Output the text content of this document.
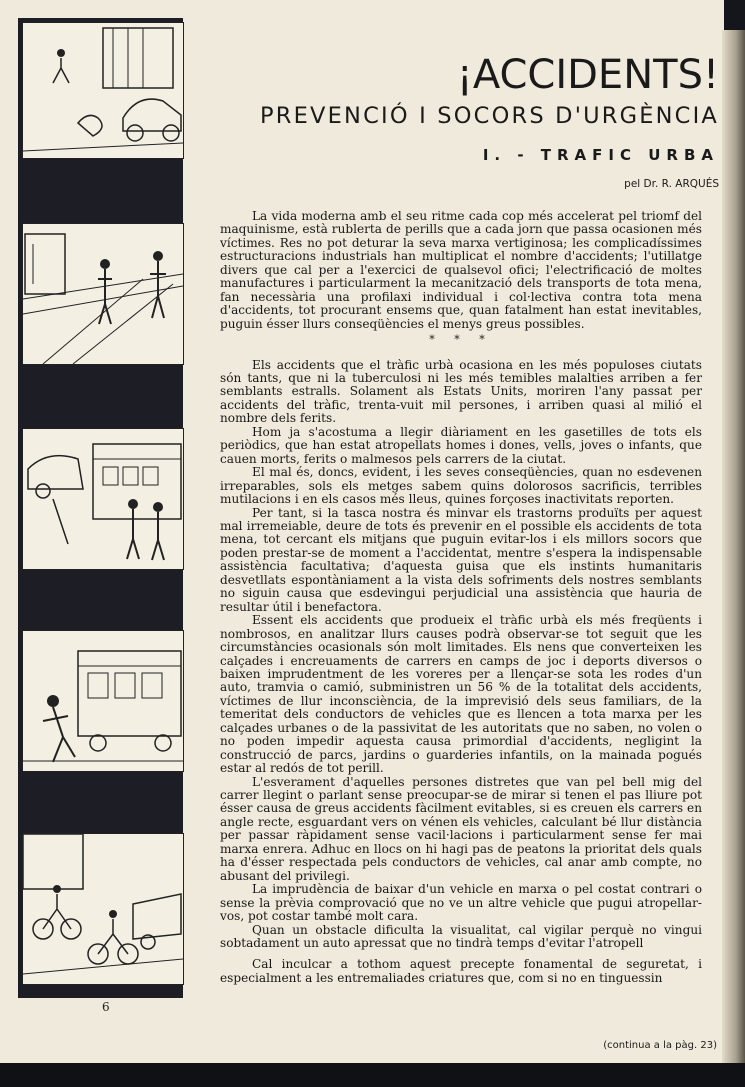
¡ACCIDENTS!
PREVENCIÓ I SOCORS D'URGÈNCIA
I. - TRAFIC URBA
pel Dr. R. ARQUÉS

La vida moderna amb el seu ritme cada cop més accelerat pel triomf del maquinisme, està rublerta de perills que a cada jorn que passa ocasionen més víctimes. Res no pot deturar la seva marxa vertiginosa; les complicadíssimes estructuracions industrials han multiplicat el nombre d'accidents; l'utillatge divers que cal per a l'exercici de qualsevol ofici; l'electrificació de moltes manufactures i particularment la mecanització dels transports de tota mena, fan necessària una profilaxi individual i col·lectiva contra tota mena d'accidents, tot procurant ensems que, quan fatalment han estat inevitables, puguin ésser llurs conseqüències el menys greus possibles.

* * *

Els accidents que el tràfic urbà ocasiona en les més populoses ciutats són tants, que ni la tuberculosi ni les més temibles malalties arriben a fer semblants estralls. Solament als Estats Units, moriren l'any passat per accidents del tràfic, trenta-vuit mil persones, i arriben quasi al milió el nombre dels ferits.

Hom ja s'acostuma a llegir diàriament en les gasetilles de tots els periòdics, que han estat atropellats homes i dones, vells, joves o infants, que cauen morts, ferits o malmesos pels carrers de la ciutat.

El mal és, doncs, evident, i les seves conseqüències, quan no esdevenen irreparables, sols els metges sabem quins dolorosos sacrificis, terribles mutilacions i en els casos més lleus, quines forçoses inactivitats reporten.

Per tant, si la tasca nostra és minvar els trastorns produïts per aquest mal irremeiable, deure de tots és prevenir en el possible els accidents de tota mena, tot cercant els mitjans que puguin evitar-los i els millors socors que poden prestar-se de moment a l'accidentat, mentre s'espera la indispensable assistència facultativa; d'aquesta guisa que els instints humanitaris desvetllats espontàniament a la vista dels sofriments dels nostres semblants no siguin causa que esdevingui perjudicial una assistència que hauria de resultar útil i benefactora.

Essent els accidents que produeix el tràfic urbà els més freqüents i nombrosos, en analitzar llurs causes podrà observar-se tot seguit que les circumstàncies ocasionals són molt limitades. Els nens que converteixen les calçades i encreuaments de carrers en camps de joc i deports diversos o baixen imprudentment de les voreres per a llençar-se sota les rodes d'un auto, tramvia o camió, subministren un 56 % de la totalitat dels accidents, víctimes de llur inconsciència, de la imprevisió dels seus familiars, de la temeritat dels conductors de vehicles que es llencen a tota marxa per les calçades urbanes o de la passivitat de les autoritats que no saben, no volen o no poden impedir aquesta causa primordial d'accidents, negligint la construcció de parcs, jardins o guarderies infantils, on la mainada pogués estar al redós de tot perill.

L'esverament d'aquelles persones distretes que van pel bell mig del carrer llegint o parlant sense preocupar-se de mirar si tenen el pas lliure pot ésser causa de greus accidents fàcilment evitables, si es creuen els carrers en angle recte, esguardant vers on vénen els vehicles, calculant bé llur distància per passar ràpidament sense vacil·lacions i particularment sense fer mai marxa enrera. Adhuc en llocs on hi hagi pas de peatons la prioritat dels quals ha d'ésser respectada pels conductors de vehicles, cal anar amb compte, no abusant del privilegi.

La imprudència de baixar d'un vehicle en marxa o pel costat contrari o sense la prèvia comprovació que no ve un altre vehicle que pugui atropellar-vos, pot costar també molt cara.

Quan un obstacle dificulta la visualitat, cal vigilar perquè no vingui sobtadament un auto apressat que no tindrà temps d'evitar l'atropell

Cal inculcar a tothom aquest precepte fonamental de seguretat, i especialment a les entremaliades criatures que, com si no en tinguessin

6
(continua a la pàg. 23)
